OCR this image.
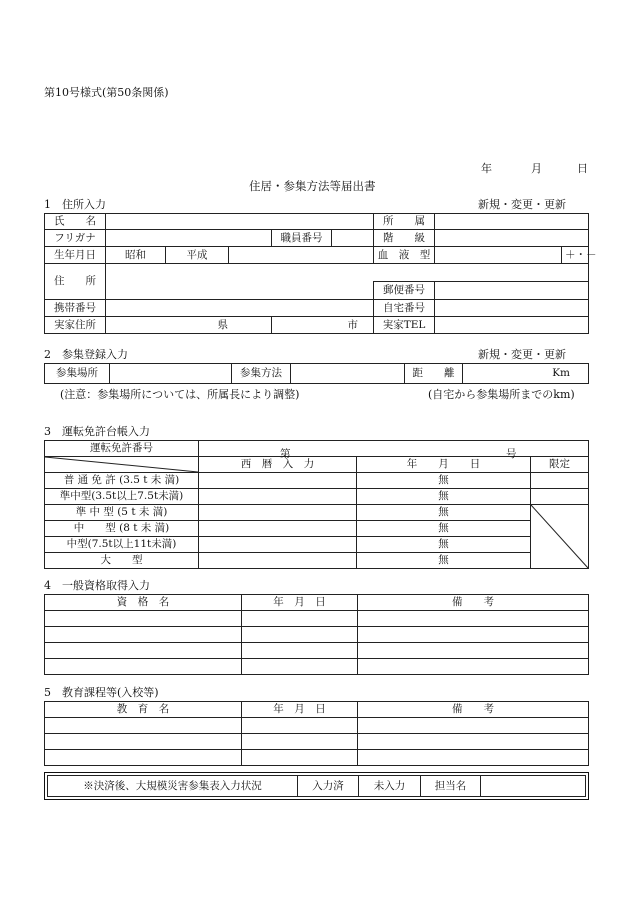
第10号様式(第50条関係)
年	月	日
住居・参集方法等届出書
1　住所入力	新規・変更・更新
氏　　名						所　　属		
フリガナ				職員番号		階　　級		
生年月日	昭和	平成				血　液　型		＋・－
住　　所								
						郵便番号		
携帯番号						自宅番号		
実家住所	県			市		実家TEL		
2　参集登録入力	新規・変更・更新
参集場所		参集方法		距　　離	Km
(注意：参集場所については、所属長により調整)	(自宅から参集場所までのkm)
3　運転免許台帳入力
運転免許番号	第 号		

	西　暦　入　力	年　　月　　日	限定
普 通 免 許 (3.5 t 未 満)		無	
準中型(3.5t以上7.5t未満)		無	
準 中 型 (5 t 未 満)		無	

中　　型 (8 t 未 満)		無	
中型(7.5t以上11t未満)		無	
大　　型		無	
4　一般資格取得入力
資　格　名	年　月　日	備　　考

5　教育課程等(入校等)
教　育　名	年　月　日	備　　考

※決済後、大規模災害参集表入力状況	入力済	未入力	担当名	
